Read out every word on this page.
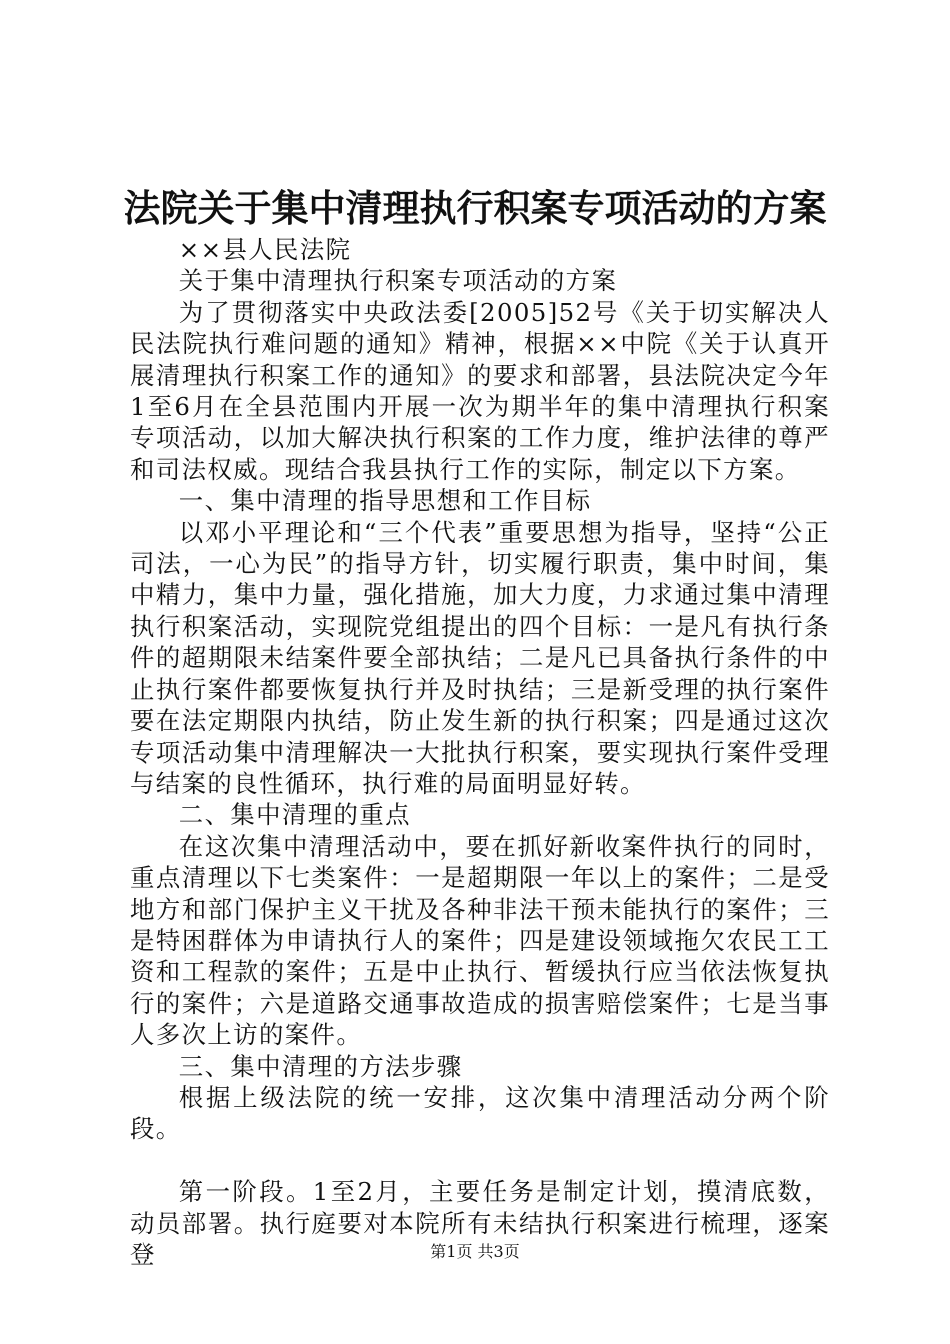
法院关于集中清理执行积案专项活动的方案

××县人民法院

关于集中清理执行积案专项活动的方案

为了贯彻落实中央政法委[2005]52号《关于切实解决人民法院执行难问题的通知》精神，根据××中院《关于认真开展清理执行积案工作的通知》的要求和部署，县法院决定今年1至6月在全县范围内开展一次为期半年的集中清理执行积案专项活动，以加大解决执行积案的工作力度，维护法律的尊严和司法权威。现结合我县执行工作的实际，制定以下方案。

一、集中清理的指导思想和工作目标

以邓小平理论和“三个代表”重要思想为指导，坚持“公正司法，一心为民”的指导方针，切实履行职责，集中时间，集中精力，集中力量，强化措施，加大力度，力求通过集中清理执行积案活动，实现院党组提出的四个目标：一是凡有执行条件的超期限未结案件要全部执结；二是凡已具备执行条件的中止执行案件都要恢复执行并及时执结；三是新受理的执行案件要在法定期限内执结，防止发生新的执行积案；四是通过这次专项活动集中清理解决一大批执行积案，要实现执行案件受理与结案的良性循环，执行难的局面明显好转。

二、集中清理的重点

在这次集中清理活动中，要在抓好新收案件执行的同时，重点清理以下七类案件：一是超期限一年以上的案件；二是受地方和部门保护主义干扰及各种非法干预未能执行的案件；三是特困群体为申请执行人的案件；四是建设领域拖欠农民工工资和工程款的案件；五是中止执行、暂缓执行应当依法恢复执行的案件；六是道路交通事故造成的损害赔偿案件；七是当事人多次上访的案件。

三、集中清理的方法步骤

根据上级法院的统一安排，这次集中清理活动分两个阶段。

第一阶段。1至2月，主要任务是制定计划，摸清底数，动员部署。执行庭要对本院所有未结执行积案进行梳理，逐案登	第1页 共3页
